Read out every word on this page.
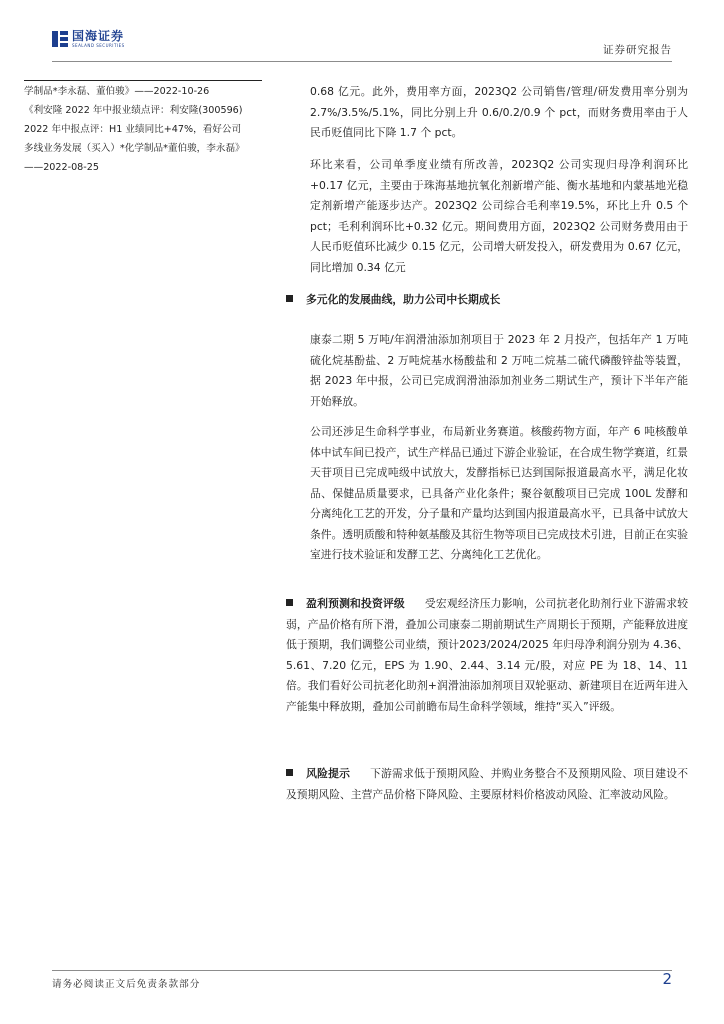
国海证券
SEALAND SECURITIES	证券研究报告
学制品*李永磊、董伯骏》——2022-10-26
《利安隆 2022 年中报业绩点评：利安隆(300596)
2022 年中报点评：H1 业绩同比+47%，看好公司
多线业务发展（买入）*化学制品*董伯骏，李永磊》
——2022-08-25
0.68 亿元。此外，费用率方面，2023Q2 公司销售/管理/研发费用率分别为 2.7%/3.5%/5.1%，同比分别上升 0.6/0.2/0.9 个 pct，而财务费用率由于人民币贬值同比下降 1.7 个 pct。
环比来看，公司单季度业绩有所改善，2023Q2 公司实现归母净利润环比+0.17 亿元，主要由于珠海基地抗氧化剂新增产能、衡水基地和内蒙基地光稳定剂新增产能逐步达产。2023Q2 公司综合毛利率19.5%，环比上升 0.5 个 pct；毛利利润环比+0.32 亿元。期间费用方面，2023Q2 公司财务费用由于人民币贬值环比减少 0.15 亿元，公司增大研发投入，研发费用为 0.67 亿元，同比增加 0.34 亿元
多元化的发展曲线，助力公司中长期成长
康泰二期 5 万吨/年润滑油添加剂项目于 2023 年 2 月投产，包括年产 1 万吨硫化烷基酚盐、2 万吨烷基水杨酸盐和 2 万吨二烷基二硫代磷酸锌盐等装置，据 2023 年中报，公司已完成润滑油添加剂业务二期试生产，预计下半年产能开始释放。
公司还涉足生命科学事业，布局新业务赛道。核酸药物方面，年产 6 吨核酸单体中试车间已投产，试生产样品已通过下游企业验证，在合成生物学赛道，红景天苷项目已完成吨级中试放大，发酵指标已达到国际报道最高水平，满足化妆品、保健品质量要求，已具备产业化条件；聚谷氨酸项目已完成 100L 发酵和分离纯化工艺的开发，分子量和产量均达到国内报道最高水平，已具备中试放大条件。透明质酸和特种氨基酸及其衍生物等项目已完成技术引进，目前正在实验室进行技术验证和发酵工艺、分离纯化工艺优化。
盈利预测和投资评级 受宏观经济压力影响，公司抗老化助剂行业下游需求较弱，产品价格有所下滑，叠加公司康泰二期前期试生产周期长于预期，产能释放进度低于预期，我们调整公司业绩，预计2023/2024/2025 年归母净利润分别为 4.36、5.61、7.20 亿元，EPS 为 1.90、2.44、3.14 元/股，对应 PE 为 18、14、11 倍。我们看好公司抗老化助剂+润滑油添加剂项目双轮驱动、新建项目在近两年进入产能集中释放期，叠加公司前瞻布局生命科学领域，维持“买入”评级。
风险提示 下游需求低于预期风险、并购业务整合不及预期风险、项目建设不及预期风险、主营产品价格下降风险、主要原材料价格波动风险、汇率波动风险。
请务必阅读正文后免责条款部分	2
